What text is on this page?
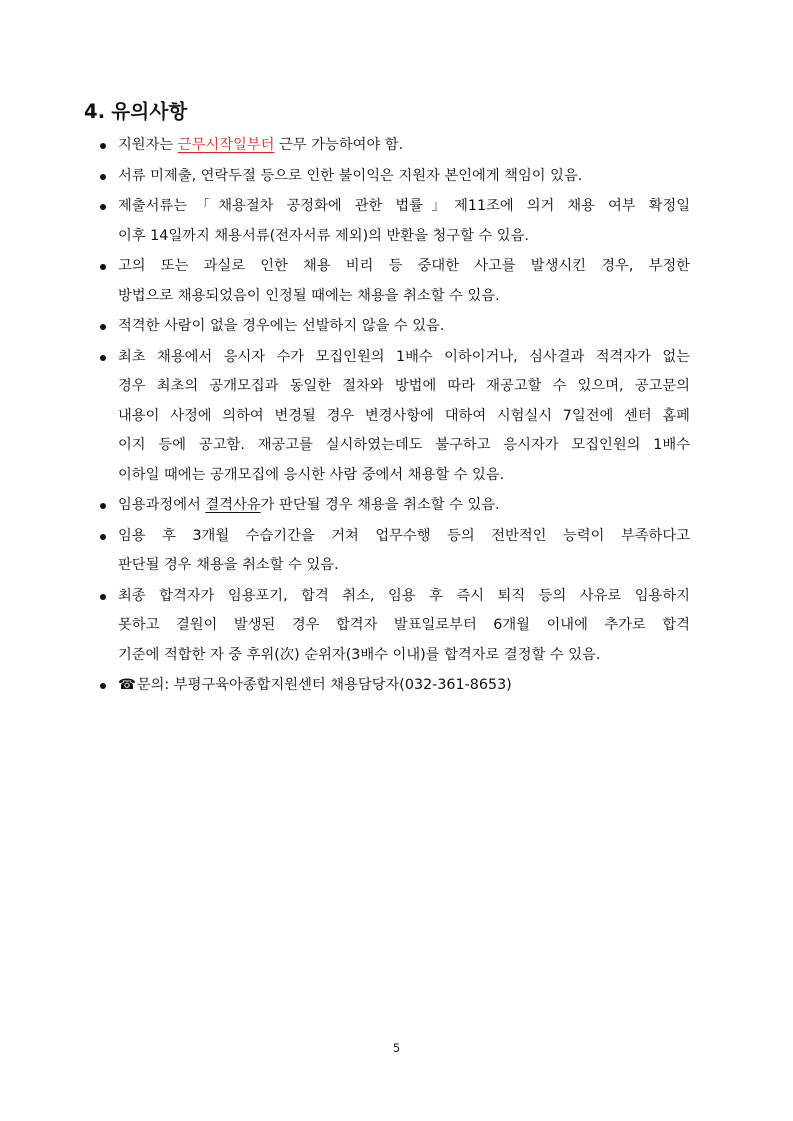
4. 유의사항
지원자는 근무시작일부터 근무 가능하여야 함.
서류 미제출, 연락두절 등으로 인한 불이익은 지원자 본인에게 책임이 있음.
제출서류는「채용절차 공정화에 관한 법률」제11조에 의거 채용 여부 확정일
이후 14일까지 채용서류(전자서류 제외)의 반환을 청구할 수 있음.
고의 또는 과실로 인한 채용 비리 등 중대한 사고를 발생시킨 경우, 부정한
방법으로 채용되었음이 인정될 때에는 채용을 취소할 수 있음.
적격한 사람이 없을 경우에는 선발하지 않을 수 있음.
최초 채용에서 응시자 수가 모집인원의 1배수 이하이거나, 심사결과 적격자가 없는
경우 최초의 공개모집과 동일한 절차와 방법에 따라 재공고할 수 있으며, 공고문의
내용이 사정에 의하여 변경될 경우 변경사항에 대하여 시험실시 7일전에 센터 홈페
이지 등에 공고함. 재공고를 실시하였는데도 불구하고 응시자가 모집인원의 1배수
이하일 때에는 공개모집에 응시한 사람 중에서 채용할 수 있음.
임용과정에서 결격사유가 판단될 경우 채용을 취소할 수 있음.
임용 후 3개월 수습기간을 거쳐 업무수행 등의 전반적인 능력이 부족하다고
판단될 경우 채용을 취소할 수 있음.
최종 합격자가 임용포기, 합격 취소, 임용 후 즉시 퇴직 등의 사유로 임용하지
못하고 결원이 발생된 경우 합격자 발표일로부터 6개월 이내에 추가로 합격
기준에 적합한 자 중 후위(次) 순위자(3배수 이내)를 합격자로 결정할 수 있음.
☎문의: 부평구육아종합지원센터 채용담당자(032-361-8653)
5
